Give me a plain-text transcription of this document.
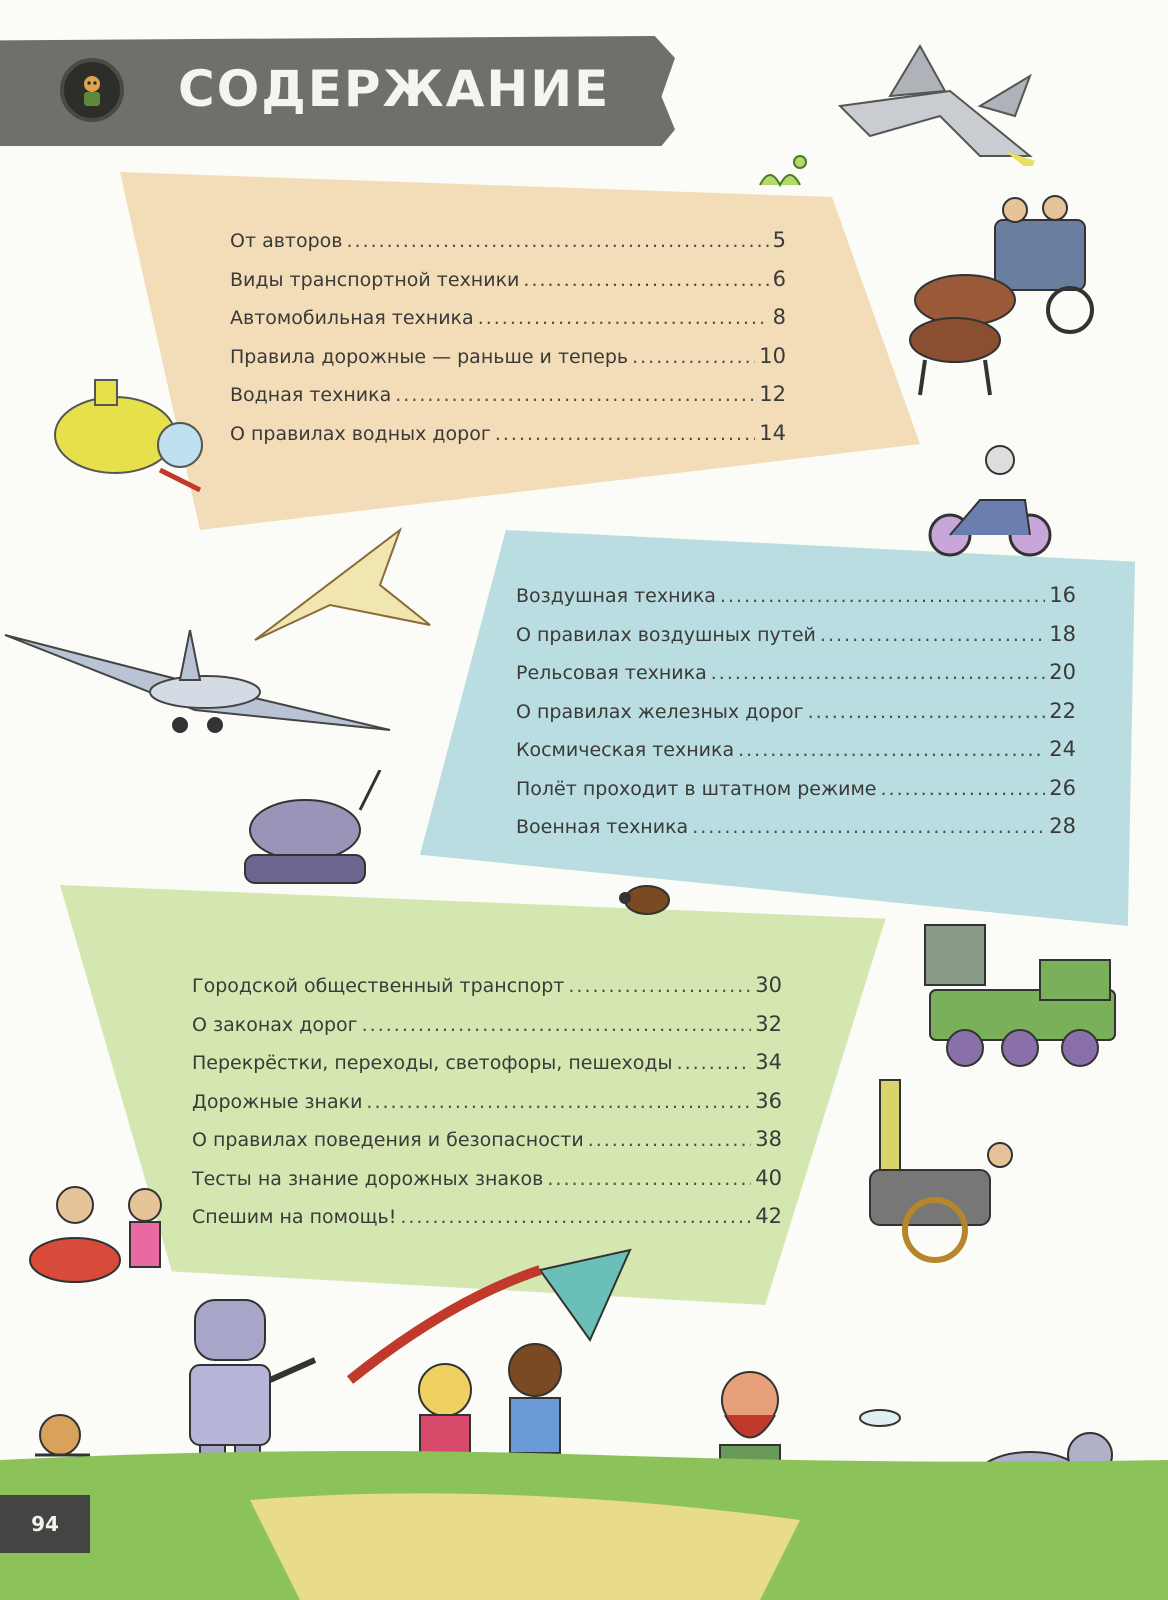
СОДЕРЖАНИЕ
От авторов .....	5
Виды транспортной техники .....	6
Автомобильная техника .....	8
Правила дорожные — раньше и теперь .....	10
Водная техника .....	12
О правилах водных дорог .....	14
Воздушная техника .....	16
О правилах воздушных путей .....	18
Рельсовая техника .....	20
О правилах железных дорог .....	22
Космическая техника .....	24
Полёт проходит в штатном режиме .....	26
Военная техника .....	28
Городской общественный транспорт .....	30
О законах дорог .....	32
Перекрёстки, переходы, светофоры, пешеходы .....	34
Дорожные знаки .....	36
О правилах поведения и безопасности .....	38
Тесты на знание дорожных знаков .....	40
Спешим на помощь! .....	42
94
